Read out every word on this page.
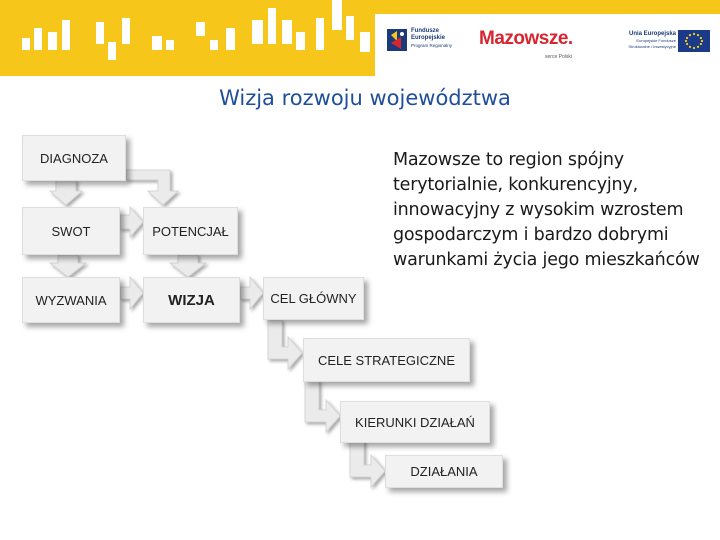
Fundusze
Europejskie
Program Regionalny Mazowsze.
serce Polski
Unia Europejska
Europejskie Fundusze
Strukturalne i Inwestycyjne
Wizja rozwoju województwa
DIAGNOZA
SWOT	POTENCJAŁ
WYZWANIA	WIZJA	CEL GŁÓWNY
CELE STRATEGICZNE
KIERUNKI DZIAŁAŃ
DZIAŁANIA
Mazowsze to region spójny terytorialnie, konkurencyjny, innowacyjny z wysokim wzrostem gospodarczym i bardzo dobrymi warunkami życia jego mieszkańców
